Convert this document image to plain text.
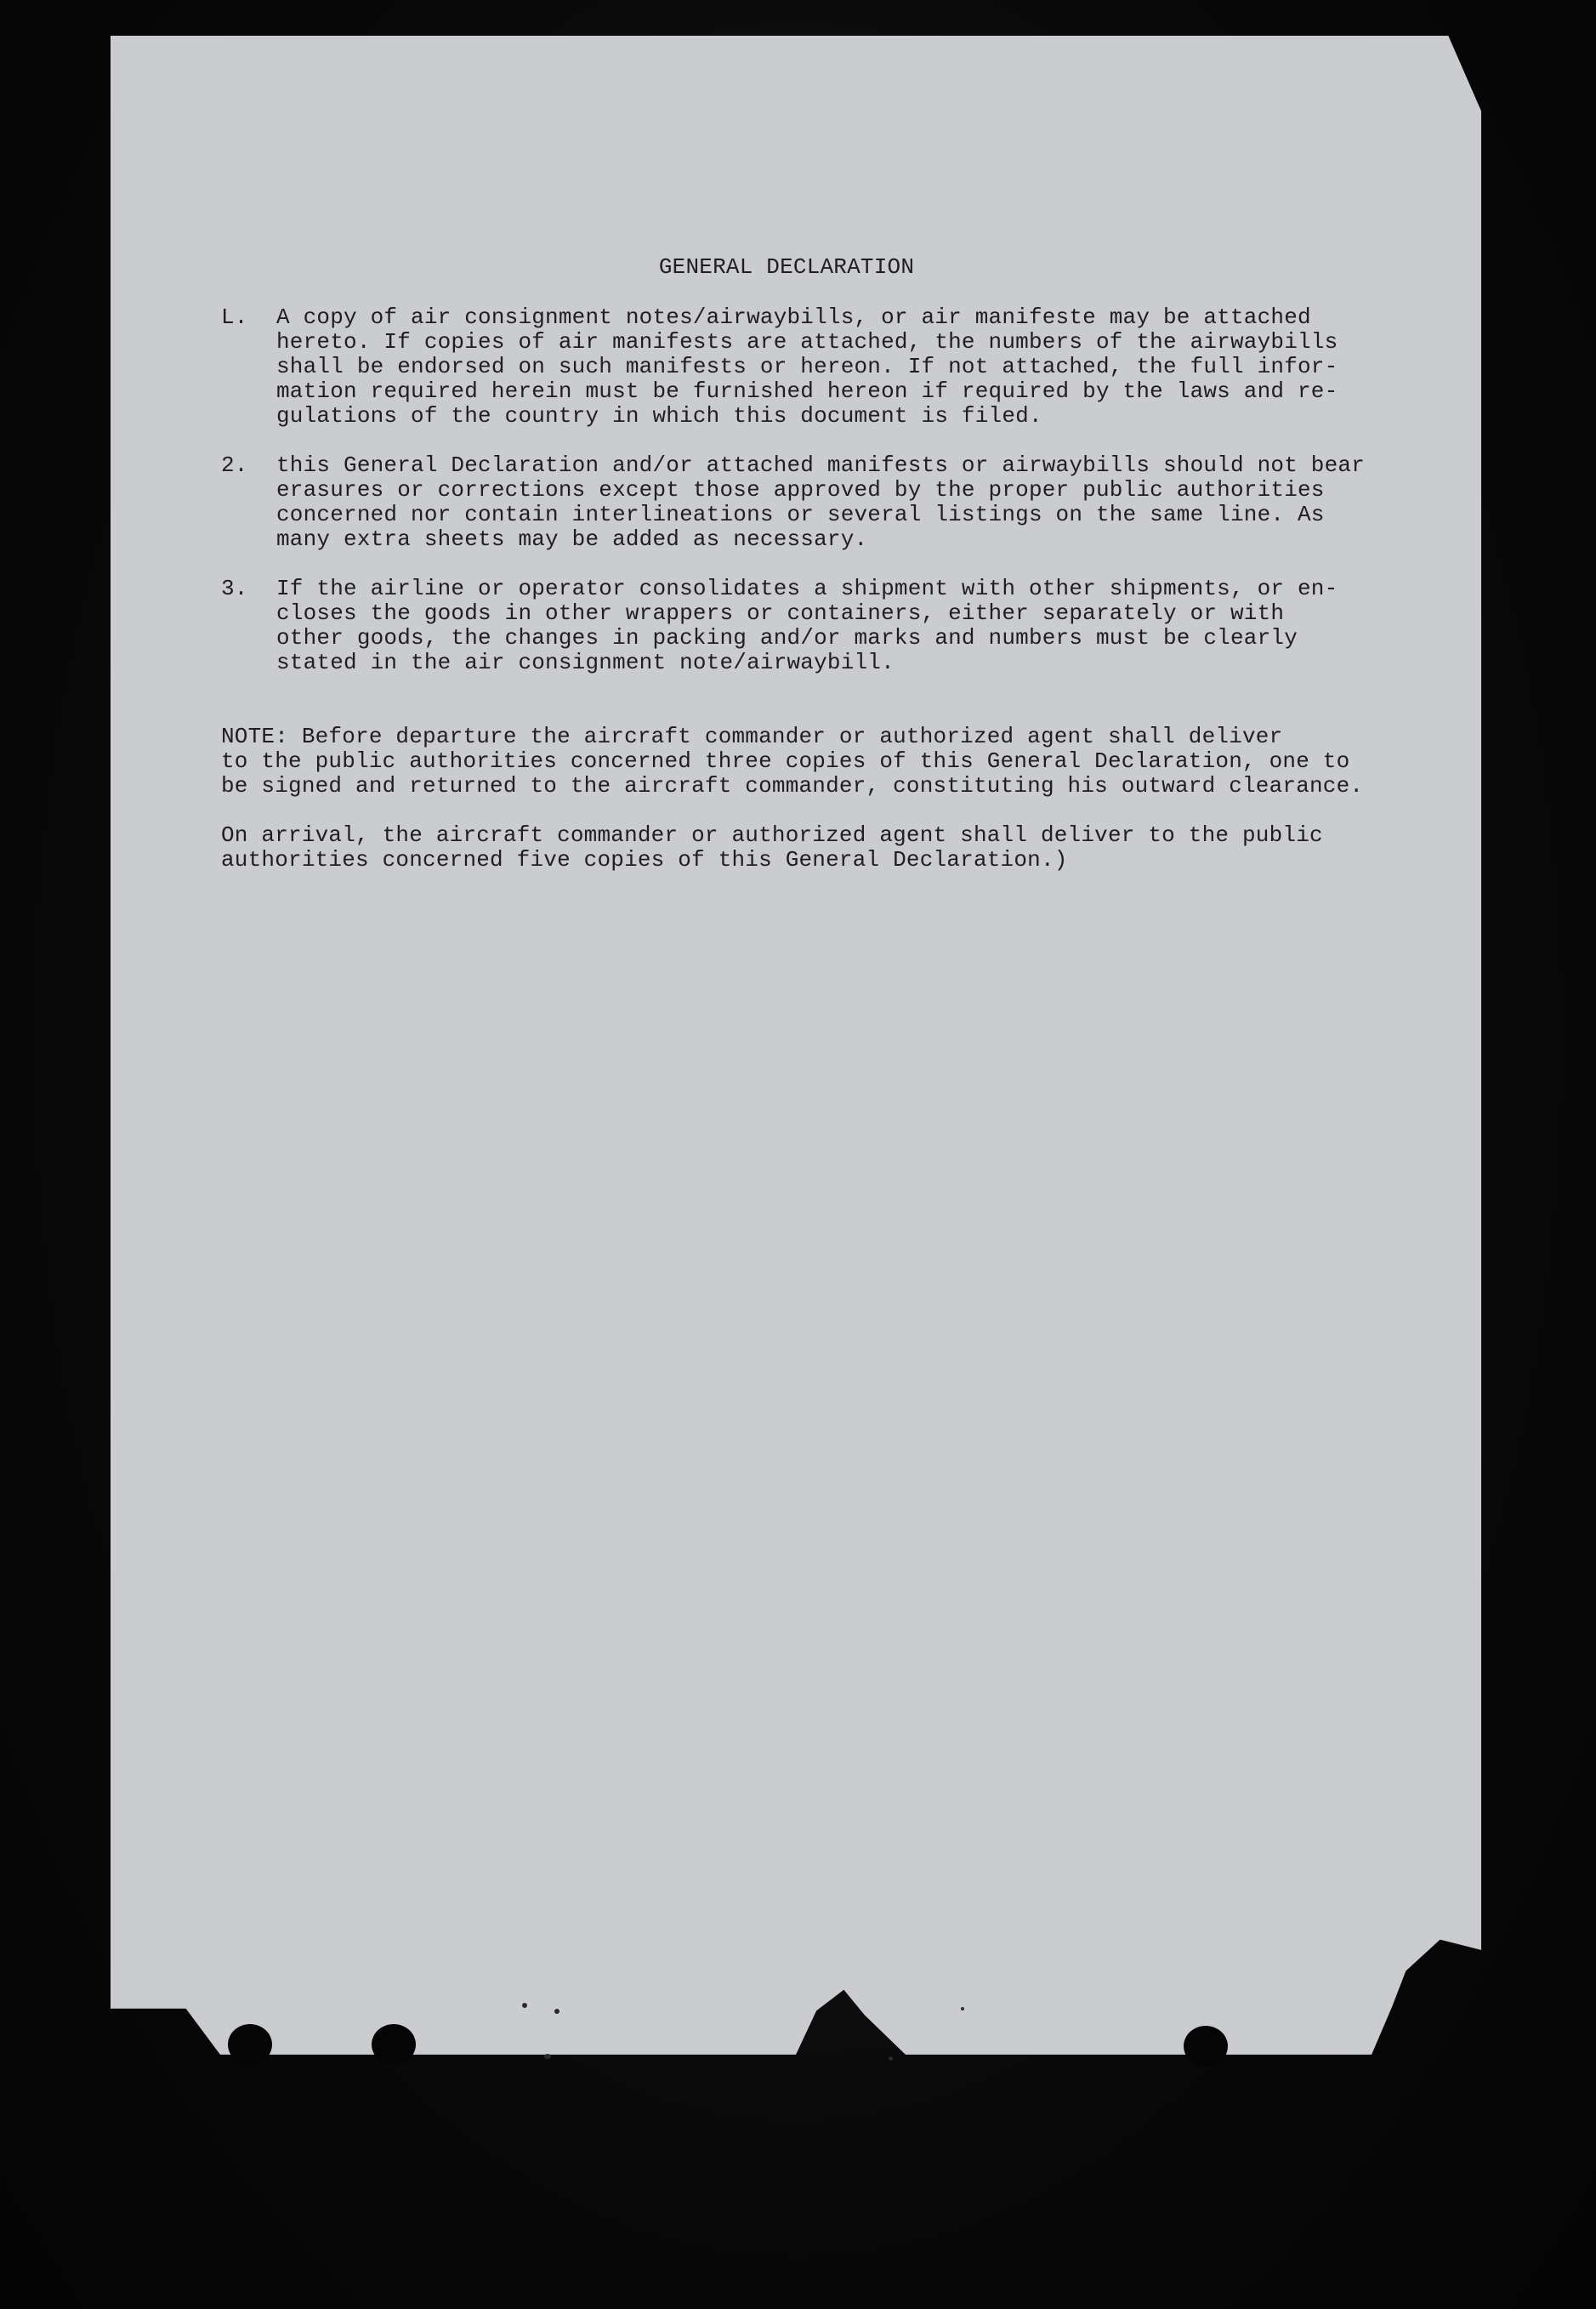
GENERAL DECLARATION
L.	A copy of air consignment notes/airwaybills, or air manifeste may be attached
hereto. If copies of air manifests are attached, the numbers of the airwaybills
shall be endorsed on such manifests or hereon. If not attached, the full infor-
mation required herein must be furnished hereon if required by the laws and re-
gulations of the country in which this document is filed.
2.	this General Declaration and/or attached manifests or airwaybills should not bear
erasures or corrections except those approved by the proper public authorities
concerned nor contain interlineations or several listings on the same line. As
many extra sheets may be added as necessary.
3.	If the airline or operator consolidates a shipment with other shipments, or en-
closes the goods in other wrappers or containers, either separately or with
other goods, the changes in packing and/or marks and numbers must be clearly
stated in the air consignment note/airwaybill.
NOTE: Before departure the aircraft commander or authorized agent shall deliver
to the public authorities concerned three copies of this General Declaration, one to
be signed and returned to the aircraft commander, constituting his outward clearance.
On arrival, the aircraft commander or authorized agent shall deliver to the public
authorities concerned five copies of this General Declaration.)
